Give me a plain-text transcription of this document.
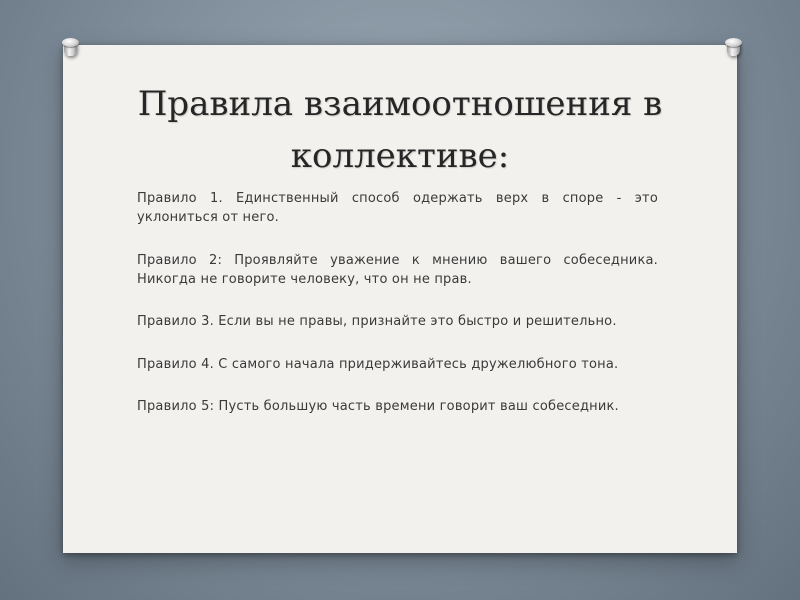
Правила взаимоотношения в коллективе:
Правило 1. Единственный способ одержать верх в споре - это уклониться от него.
Правило 2: Проявляйте уважение к мнению вашего собеседника. Никогда не говорите человеку, что он не прав.
Правило 3. Если вы не правы, признайте это быстро и решительно.
Правило 4. С самого начала придерживайтесь дружелюбного тона.
Правило 5: Пусть большую часть времени говорит ваш собеседник.
